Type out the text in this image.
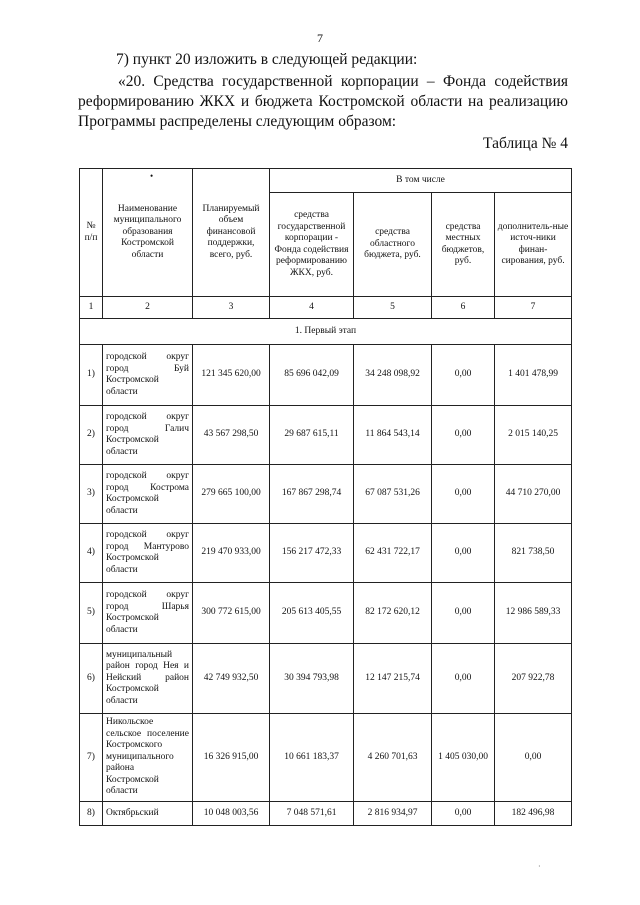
7
7) пункт 20 изложить в следующей редакции:
«20. Средства государственной корпорации – Фонда содействия реформированию ЖКХ и бюджета Костромской области на реализацию Программы распределены следующим образом:
Таблица № 4
№ п/п	Наименование муниципального образования Костромской области	Планируемый объем финансовой поддержки, всего, руб.	В том числе			
			средства государственной корпорации - Фонда содействия реформированию ЖКХ, руб.	средства областного бюджета, руб.	средства местных бюджетов, руб.	дополнитель-ные источ-ники финан-сирования, руб.
1	2	3	4	5	6	7
1. Первый этап						
1)	городской округ город Буй Костромской области	121 345 620,00	85 696 042,09	34 248 098,92	0,00	1 401 478,99
2)	городской округ город Галич Костромской области	43 567 298,50	29 687 615,11	11 864 543,14	0,00	2 015 140,25
3)	городской округ город Кострома Костромской области	279 665 100,00	167 867 298,74	67 087 531,26	0,00	44 710 270,00
4)	городской округ город Мантурово Костромской области	219 470 933,00	156 217 472,33	62 431 722,17	0,00	821 738,50
5)	городской округ город Шарья Костромской области	300 772 615,00	205 613 405,55	82 172 620,12	0,00	12 986 589,33
6)	муниципальный район город Нея и Нейский район Костромской области	42 749 932,50	30 394 793,98	12 147 215,74	0,00	207 922,78
7)	Никольское сельское поселение Костромского муниципального района Костромской области	16 326 915,00	10 661 183,37	4 260 701,63	1 405 030,00	0,00
8)	Октябрьский	10 048 003,56	7 048 571,61	2 816 934,97	0,00	182 496,98
•
·
